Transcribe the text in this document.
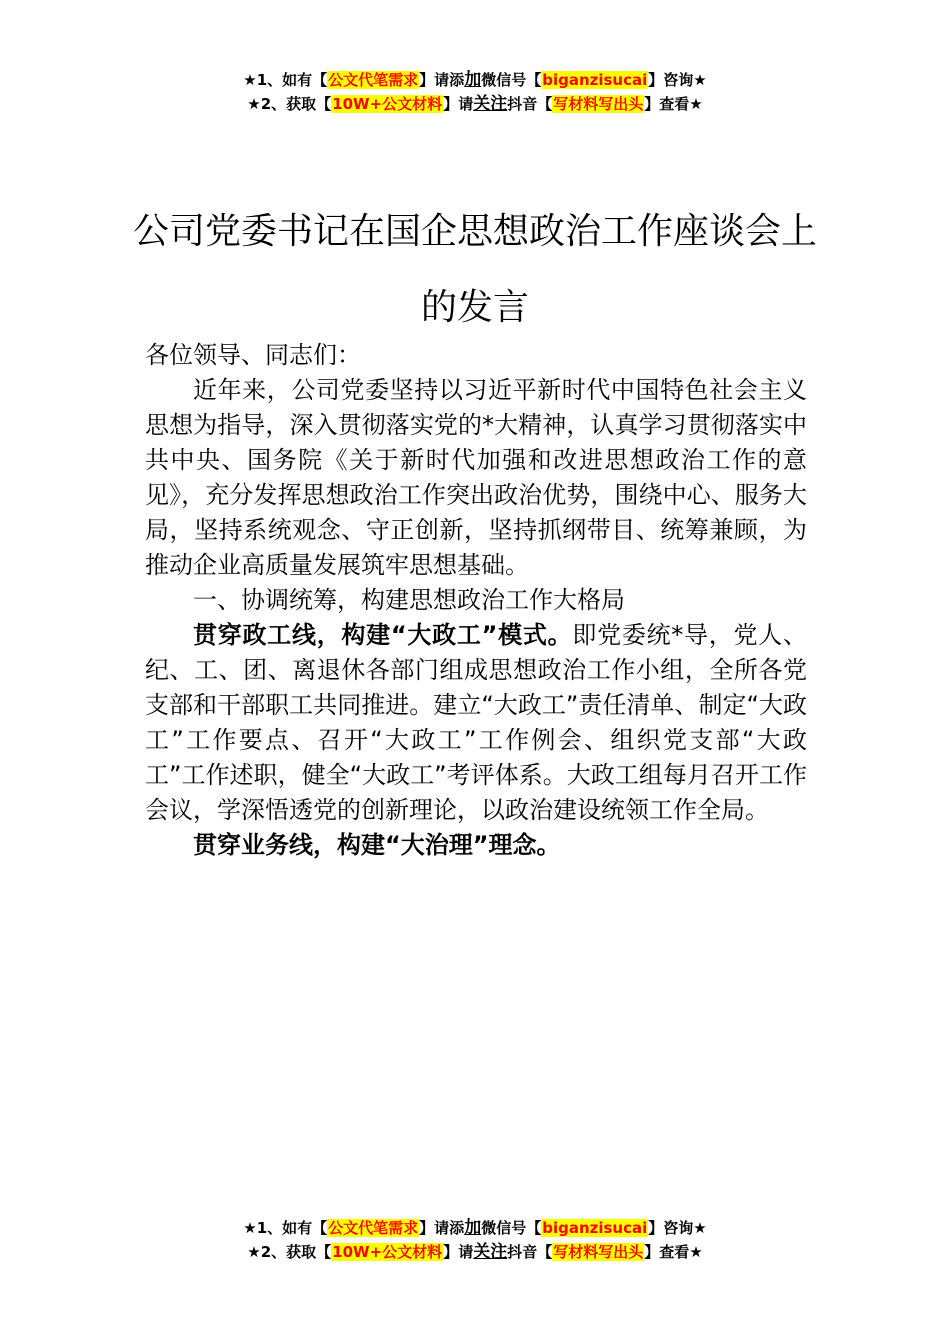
★1、如有【公文代笔需求】请添加微信号【biganzisucai】咨询★
★2、获取【10W+公文材料】请关注抖音【写材料写出头】查看★
公司党委书记在国企思想政治工作座谈会上的发言

各位领导、同志们：

近年来，公司党委坚持以习近平新时代中国特色社会主义思想为指导，深入贯彻落实党的*大精神，认真学习贯彻落实中共中央、国务院《关于新时代加强和改进思想政治工作的意见》，充分发挥思想政治工作突出政治优势，围绕中心、服务大局，坚持系统观念、守正创新，坚持抓纲带目、统筹兼顾，为推动企业高质量发展筑牢思想基础。

一、协调统筹，构建思想政治工作大格局

贯穿政工线，构建“大政工”模式。即党委统*导，党人、纪、工、团、离退休各部门组成思想政治工作小组，全所各党支部和干部职工共同推进。建立“大政工”责任清单、制定“大政工”工作要点、召开“大政工”工作例会、组织党支部“大政工”工作述职，健全“大政工”考评体系。大政工组每月召开工作会议，学深悟透党的创新理论，以政治建设统领工作全局。

贯穿业务线，构建“大治理”理念。

★1、如有【公文代笔需求】请添加微信号【biganzisucai】咨询★
★2、获取【10W+公文材料】请关注抖音【写材料写出头】查看★
